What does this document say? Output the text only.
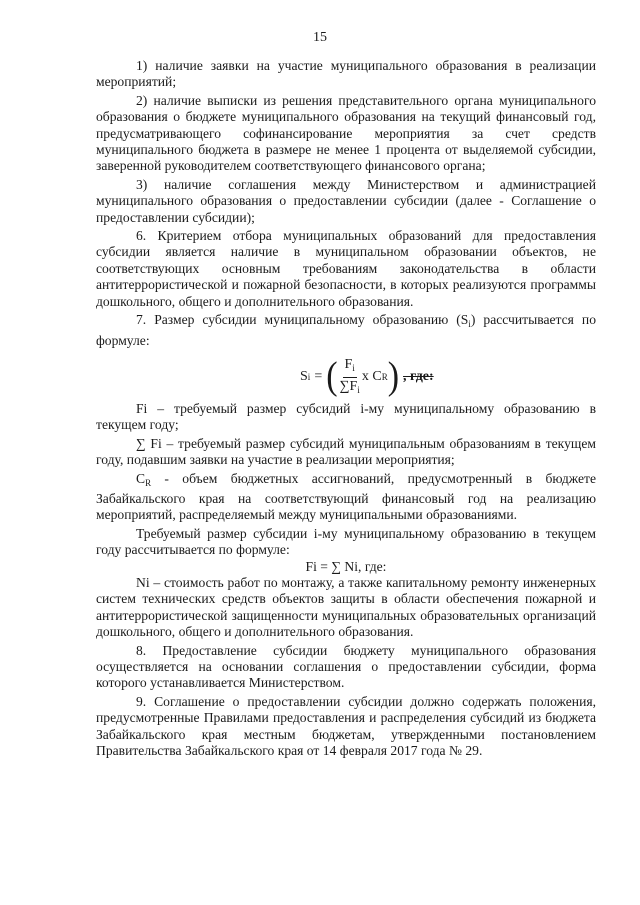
15

1) наличие заявки на участие муниципального образования в реализации мероприятий;

2) наличие выписки из решения представительного органа муниципального образования о бюджете муниципального образования на текущий финансовый год, предусматривающего софинансирование мероприятия за счет средств муниципального бюджета в размере не менее 1 процента от выделяемой субсидии, заверенной руководителем соответствующего финансового органа;

3) наличие соглашения между Министерством и администрацией муниципального образования о предоставлении субсидии (далее - Соглашение о предоставлении субсидии);

6. Критерием отбора муниципальных образований для предоставления субсидии является наличие в муниципальном образовании объектов, не соответствующих основным требованиям законодательства в области антитеррористической и пожарной безопасности, в которых реализуются программы дошкольного, общего и дополнительного образования.

7. Размер субсидии муниципальному образованию $(S_i)$ рассчитывается по формуле:

S i = ( $\frac{F_i}{\sum F_i}$ x C R ) , где:

Fi – требуемый размер субсидий i-му муниципальному образованию в текущем году;

∑ Fi – требуемый размер субсидий муниципальным образованиям в текущем году, подавшим заявки на участие в реализации мероприятия;

$C_R$ - объем бюджетных ассигнований, предусмотренный в бюджете Забайкальского края на соответствующий финансовый год на реализацию мероприятий, распределяемый между муниципальными образованиями.

Требуемый размер субсидии i-му муниципальному образованию в текущем году рассчитывается по формуле:

Fi = ∑ Ni, где:

Ni – стоимость работ по монтажу, а также капитальному ремонту инженерных систем технических средств объектов защиты в области обеспечения пожарной и антитеррористической защищенности муниципальных образовательных организаций дошкольного, общего и дополнительного образования.

8. Предоставление субсидии бюджету муниципального образования осуществляется на основании соглашения о предоставлении субсидии, форма которого устанавливается Министерством.

9. Соглашение о предоставлении субсидии должно содержать положения, предусмотренные Правилами предоставления и распределения субсидий из бюджета Забайкальского края местным бюджетам, утвержденными постановлением Правительства Забайкальского края от 14 февраля 2017 года № 29.
